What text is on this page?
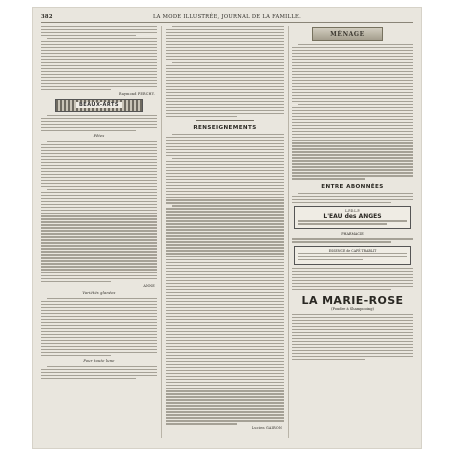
382	LA MODE ILLUSTRÉE, JOURNAL DE LA FAMILLE.
Raymond PERCHY.
BEAUX-ARTS
Fêtes
ANNE
Variétés glanées
Pour toute lune
RENSEIGNEMENTS
Lucien GAIRON
MÉNAGE
ENTRE ABONNÉES
L.P.D.L.P.
L'EAU des ANGES
PHARMACIE
ESSENCE de CAFÉ TRABLIT
LA MARIE-ROSE
(Poudre à Shampooing)
